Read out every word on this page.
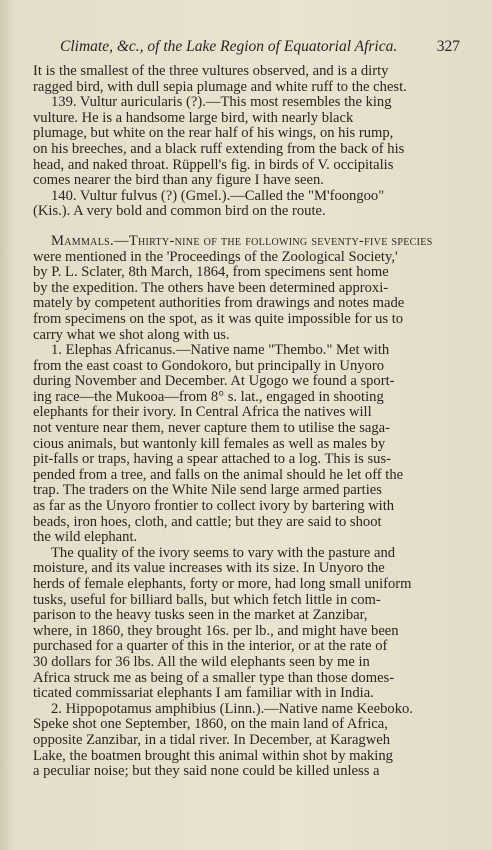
Climate, &c., of the Lake Region of Equatorial Africa.	327
It is the smallest of the three vultures observed, and is a dirty
ragged bird, with dull sepia plumage and white ruff to the chest.
139. Vultur auricularis (?).—This most resembles the king
vulture. He is a handsome large bird, with nearly black
plumage, but white on the rear half of his wings, on his rump,
on his breeches, and a black ruff extending from the back of his
head, and naked throat. Rüppell's fig. in birds of V. occipitalis
comes nearer the bird than any figure I have seen.
140. Vultur fulvus (?) (Gmel.).—Called the "M'foongoo"
(Kis.). A very bold and common bird on the route.
Mammals.—Thirty-nine of the following seventy-five species
were mentioned in the 'Proceedings of the Zoological Society,'
by P. L. Sclater, 8th March, 1864, from specimens sent home
by the expedition. The others have been determined approxi-
mately by competent authorities from drawings and notes made
from specimens on the spot, as it was quite impossible for us to
carry what we shot along with us.
1. Elephas Africanus.—Native name "Thembo." Met with
from the east coast to Gondokoro, but principally in Unyoro
during November and December. At Ugogo we found a sport-
ing race—the Mukooa—from 8° s. lat., engaged in shooting
elephants for their ivory. In Central Africa the natives will
not venture near them, never capture them to utilise the saga-
cious animals, but wantonly kill females as well as males by
pit-falls or traps, having a spear attached to a log. This is sus-
pended from a tree, and falls on the animal should he let off the
trap. The traders on the White Nile send large armed parties
as far as the Unyoro frontier to collect ivory by bartering with
beads, iron hoes, cloth, and cattle; but they are said to shoot
the wild elephant.
The quality of the ivory seems to vary with the pasture and
moisture, and its value increases with its size. In Unyoro the
herds of female elephants, forty or more, had long small uniform
tusks, useful for billiard balls, but which fetch little in com-
parison to the heavy tusks seen in the market at Zanzibar,
where, in 1860, they brought 16s. per lb., and might have been
purchased for a quarter of this in the interior, or at the rate of
30 dollars for 36 lbs. All the wild elephants seen by me in
Africa struck me as being of a smaller type than those domes-
ticated commissariat elephants I am familiar with in India.
2. Hippopotamus amphibius (Linn.).—Native name Keeboko.
Speke shot one September, 1860, on the main land of Africa,
opposite Zanzibar, in a tidal river. In December, at Karagweh
Lake, the boatmen brought this animal within shot by making
a peculiar noise; but they said none could be killed unless a
